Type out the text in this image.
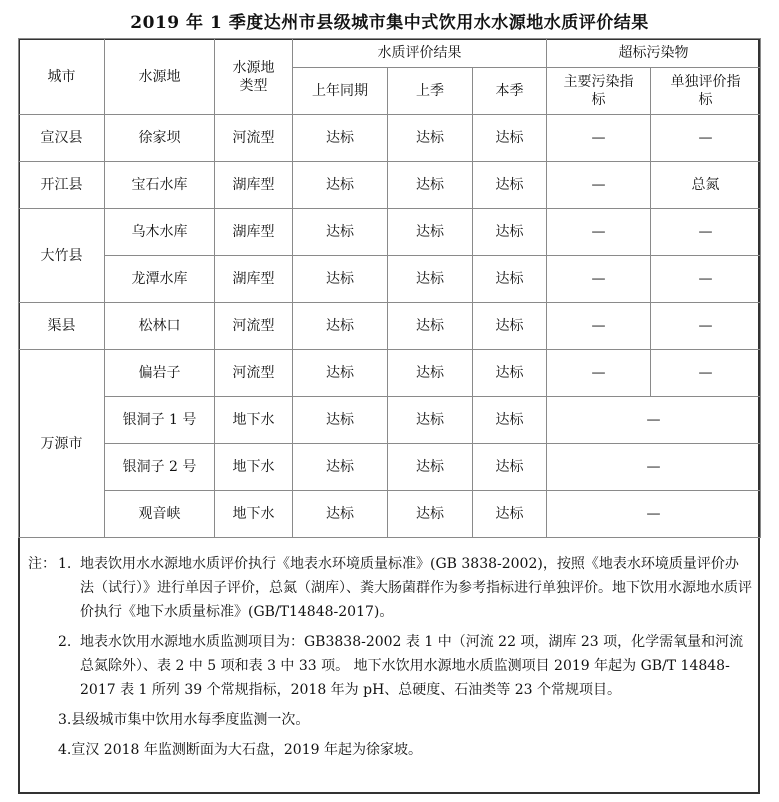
2019 年 1 季度达州市县级城市集中式饮用水水源地水质评价结果
城市	水源地	水源地类型	水质评价结果			超标污染物	
			上年同期	上季	本季	主要污染指标	单独评价指标
宣汉县	徐家坝	河流型	达标	达标	达标	—	—
开江县	宝石水库	湖库型	达标	达标	达标	—	总氮
大竹县	乌木水库	湖库型	达标	达标	达标	—	—
	龙潭水库	湖库型	达标	达标	达标	—	—
渠县	松林口	河流型	达标	达标	达标	—	—
万源市	偏岩子	河流型	达标	达标	达标	—	—
	银洞子 1 号	地下水	达标	达标	达标	—	
	银洞子 2 号	地下水	达标	达标	达标	—	
	观音峡	地下水	达标	达标	达标	—	
注： 1. 地表饮用水水源地水质评价执行《地表水环境质量标准》(GB 3838-2002)，按照《地表水环境质量评价办法（试行）》进行单因子评价，总氮（湖库）、粪大肠菌群作为参考指标进行单独评价。地下饮用水源地水质评价执行《地下水质量标准》(GB/T14848-2017)。
2. 地表水饮用水源地水质监测项目为：GB3838-2002 表 1 中（河流 22 项，湖库 23 项，化学需氧量和河流总氮除外）、表 2 中 5 项和表 3 中 33 项。 地下水饮用水源地水质监测项目 2019 年起为 GB/T 14848-2017 表 1 所列 39 个常规指标，2018 年为 pH、总硬度、石油类等 23 个常规项目。
3.县级城市集中饮用水每季度监测一次。
4.宣汉 2018 年监测断面为大石盘，2019 年起为徐家坡。
